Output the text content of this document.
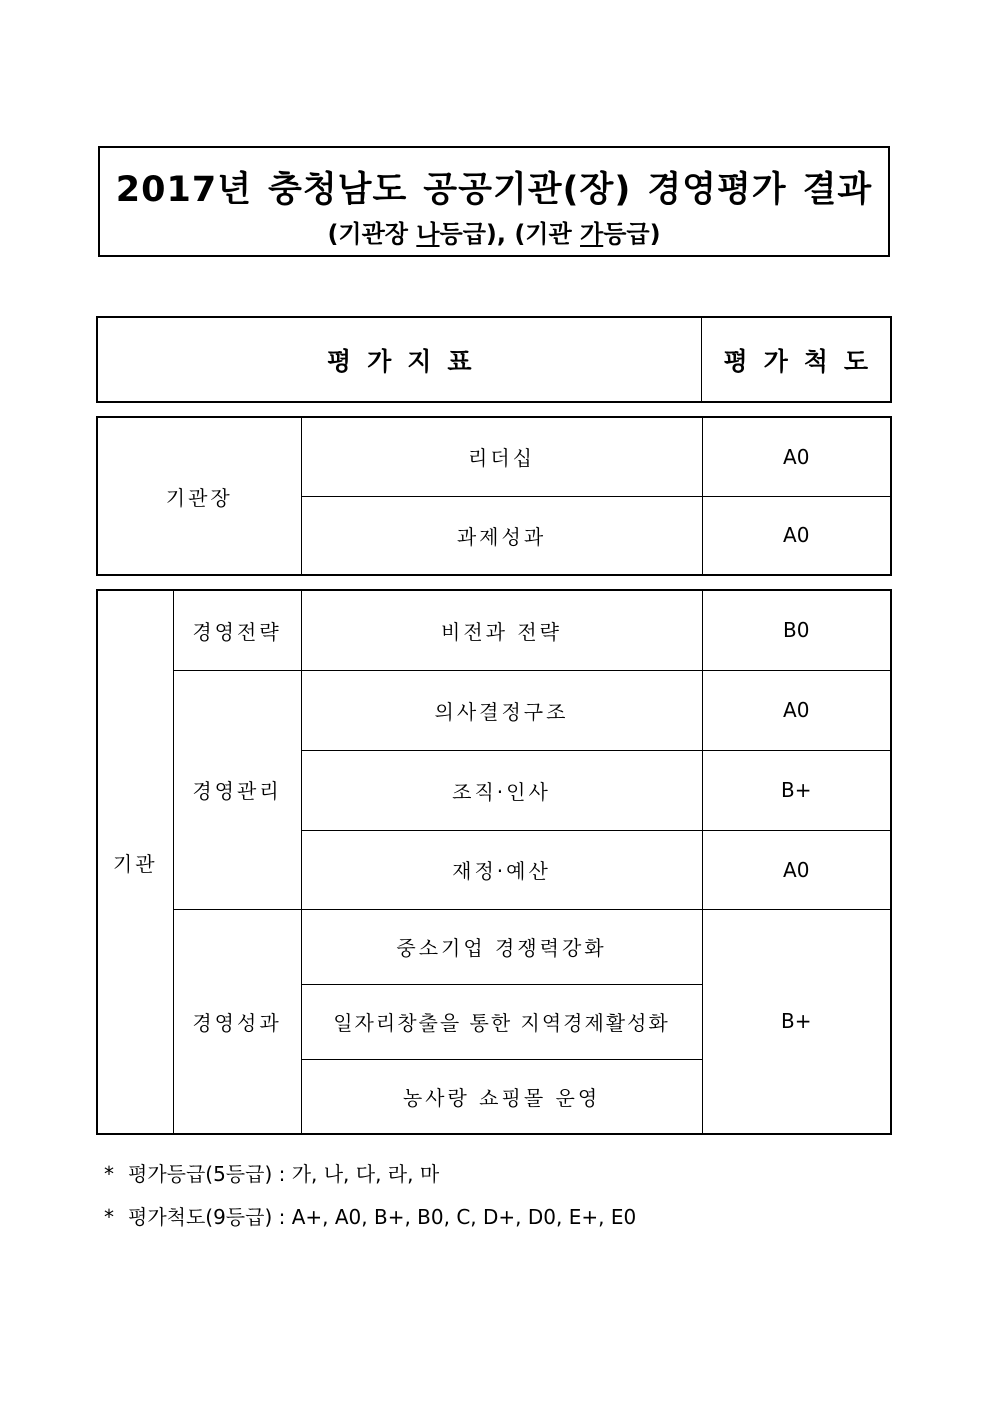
2017년 충청남도 공공기관(장) 경영평가 결과
(기관장 나등급), (기관 가등급)
평가지표	평가척도
기관장	리더십	A0
	과제성과	A0
기관	경영전략	비전과 전략	B0
	경영관리	의사결정구조	A0
		조직·인사	B+
		재정·예산	A0
	경영성과	중소기업 경쟁력강화	B+
		일자리창출을 통한 지역경제활성화	
		농사랑 쇼핑몰 운영	
* 평가등급(5등급) : 가, 나, 다, 라, 마
* 평가척도(9등급) : A+, A0, B+, B0, C, D+, D0, E+, E0
